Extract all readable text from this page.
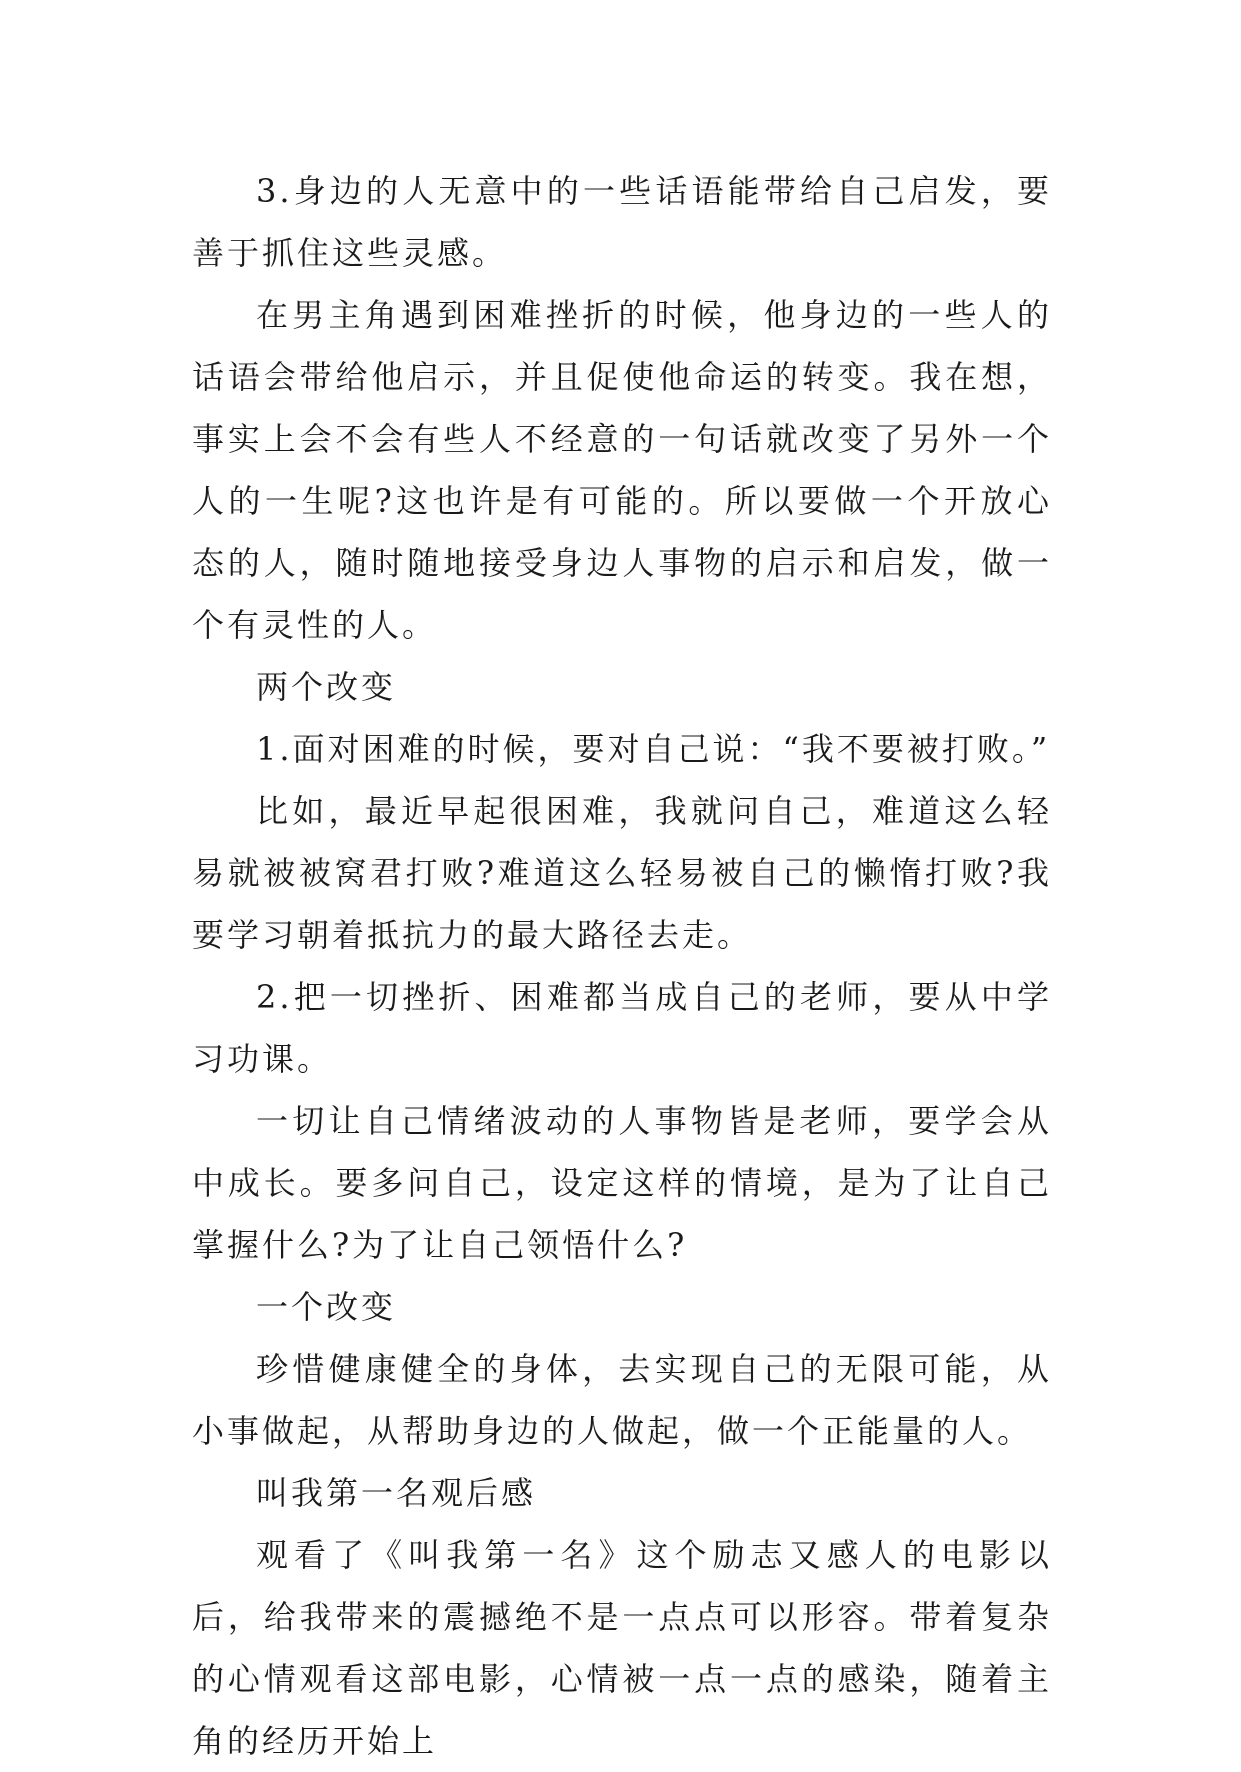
3.身边的人无意中的一些话语能带给自己启发，要善于抓住这些灵感。

在男主角遇到困难挫折的时候，他身边的一些人的话语会带给他启示，并且促使他命运的转变。我在想，事实上会不会有些人不经意的一句话就改变了另外一个人的一生呢?这也许是有可能的。所以要做一个开放心态的人，随时随地接受身边人事物的启示和启发，做一个有灵性的人。

两个改变

1.面对困难的时候，要对自己说：“我不要被打败。”

比如，最近早起很困难，我就问自己，难道这么轻易就被被窝君打败?难道这么轻易被自己的懒惰打败?我要学习朝着抵抗力的最大路径去走。

2.把一切挫折、困难都当成自己的老师，要从中学习功课。

一切让自己情绪波动的人事物皆是老师，要学会从中成长。要多问自己，设定这样的情境，是为了让自己掌握什么?为了让自己领悟什么?

一个改变

珍惜健康健全的身体，去实现自己的无限可能，从小事做起，从帮助身边的人做起，做一个正能量的人。

叫我第一名观后感

观看了《叫我第一名》这个励志又感人的电影以后，给我带来的震撼绝不是一点点可以形容。带着复杂的心情观看这部电影，心情被一点一点的感染，随着主角的经历开始上
